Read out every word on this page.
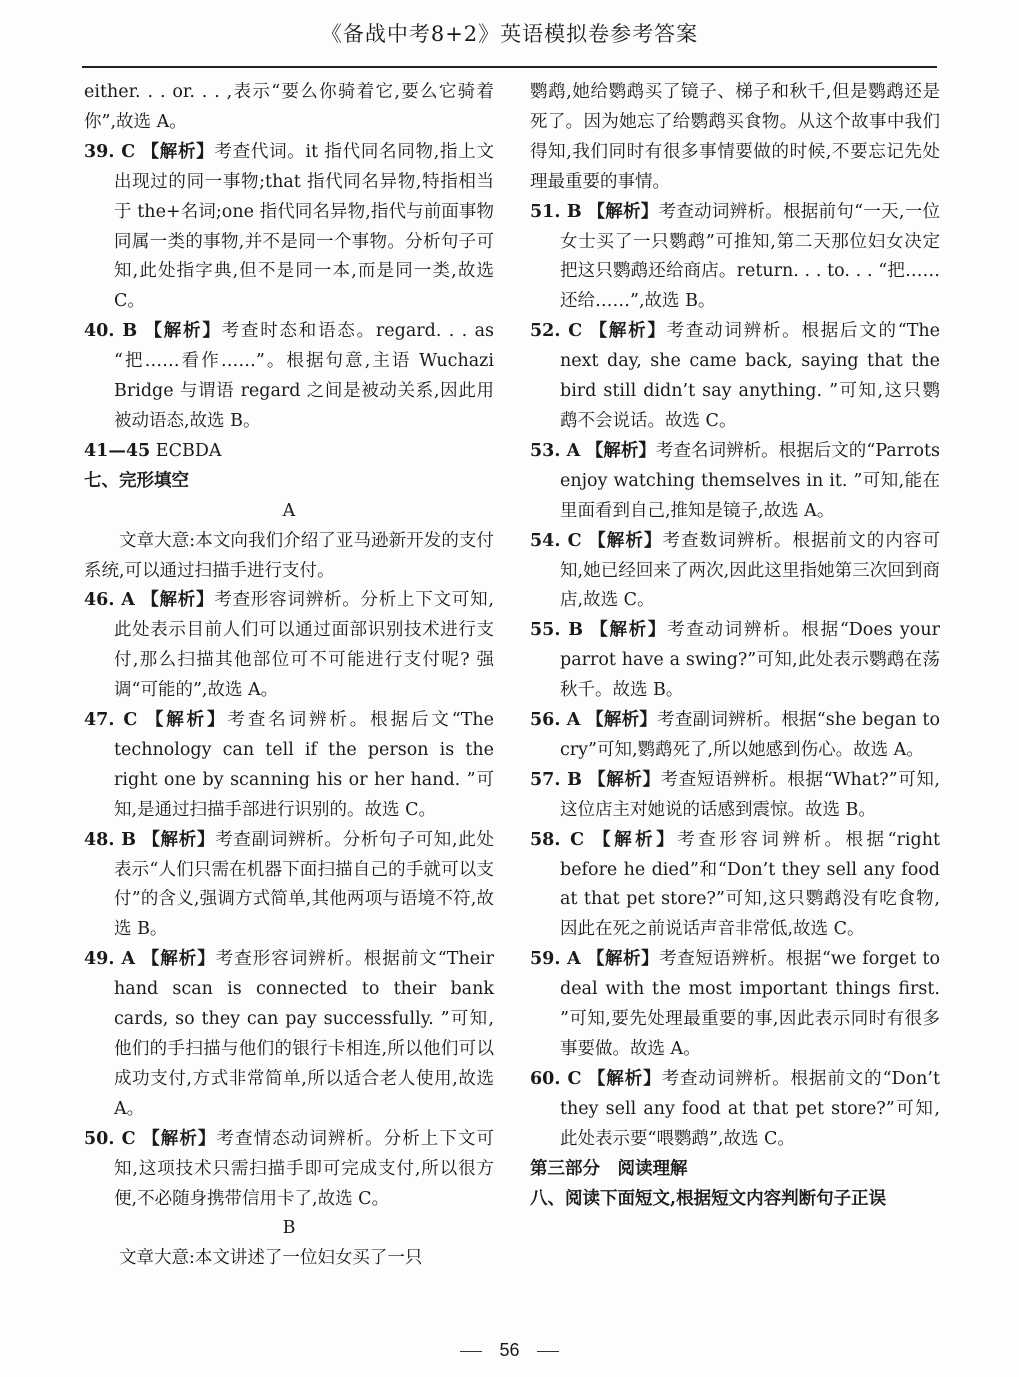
《备战中考8+2》英语模拟卷参考答案

either. . . or. . . ,表示“要么你骑着它,要么它骑着你”,故选 A。

39. C 【解析】考查代词。it 指代同名同物,指上文出现过的同一事物;that 指代同名异物,特指相当于 the+名词;one 指代同名异物,指代与前面事物同属一类的事物,并不是同一个事物。分析句子可知,此处指字典,但不是同一本,而是同一类,故选 C。

40. B 【解析】考查时态和语态。regard. . . as “把……看作……”。根据句意,主语 Wuchazi Bridge 与谓语 regard 之间是被动关系,因此用被动语态,故选 B。

41—45 ECBDA

七、完形填空

A

文章大意:本文向我们介绍了亚马逊新开发的支付系统,可以通过扫描手进行支付。

46. A 【解析】考查形容词辨析。分析上下文可知,此处表示目前人们可以通过面部识别技术进行支付,那么扫描其他部位可不可能进行支付呢? 强调“可能的”,故选 A。

47. C 【解析】考查名词辨析。根据后文“The technology can tell if the person is the right one by scanning his or her hand. ”可知,是通过扫描手部进行识别的。故选 C。

48. B 【解析】考查副词辨析。分析句子可知,此处表示“人们只需在机器下面扫描自己的手就可以支付”的含义,强调方式简单,其他两项与语境不符,故选 B。

49. A 【解析】考查形容词辨析。根据前文“Their hand scan is connected to their bank cards, so they can pay successfully. ”可知,他们的手扫描与他们的银行卡相连,所以他们可以成功支付,方式非常简单,所以适合老人使用,故选 A。

50. C 【解析】考查情态动词辨析。分析上下文可知,这项技术只需扫描手即可完成支付,所以很方便,不必随身携带信用卡了,故选 C。

B

文章大意:本文讲述了一位妇女买了一只

鹦鹉,她给鹦鹉买了镜子、梯子和秋千,但是鹦鹉还是死了。因为她忘了给鹦鹉买食物。从这个故事中我们得知,我们同时有很多事情要做的时候,不要忘记先处理最重要的事情。

51. B 【解析】考查动词辨析。根据前句“一天,一位女士买了一只鹦鹉”可推知,第二天那位妇女决定把这只鹦鹉还给商店。return. . . to. . . “把……还给……”,故选 B。

52. C 【解析】考查动词辨析。根据后文的“The next day, she came back, saying that the bird still didn’t say anything. ”可知,这只鹦鹉不会说话。故选 C。

53. A 【解析】考查名词辨析。根据后文的“Parrots enjoy watching themselves in it. ”可知,能在里面看到自己,推知是镜子,故选 A。

54. C 【解析】考查数词辨析。根据前文的内容可知,她已经回来了两次,因此这里指她第三次回到商店,故选 C。

55. B 【解析】考查动词辨析。根据“Does your parrot have a swing?”可知,此处表示鹦鹉在荡秋千。故选 B。

56. A 【解析】考查副词辨析。根据“she began to cry”可知,鹦鹉死了,所以她感到伤心。故选 A。

57. B 【解析】考查短语辨析。根据“What?”可知,这位店主对她说的话感到震惊。故选 B。

58. C 【解析】考查形容词辨析。根据“right before he died”和“Don’t they sell any food at that pet store?”可知,这只鹦鹉没有吃食物,因此在死之前说话声音非常低,故选 C。

59. A 【解析】考查短语辨析。根据“we forget to deal with the most important things first. ”可知,要先处理最重要的事,因此表示同时有很多事要做。故选 A。

60. C 【解析】考查动词辨析。根据前文的“Don’t they sell any food at that pet store?”可知,此处表示要“喂鹦鹉”,故选 C。

第三部分　阅读理解

八、阅读下面短文,根据短文内容判断句子正误

56
